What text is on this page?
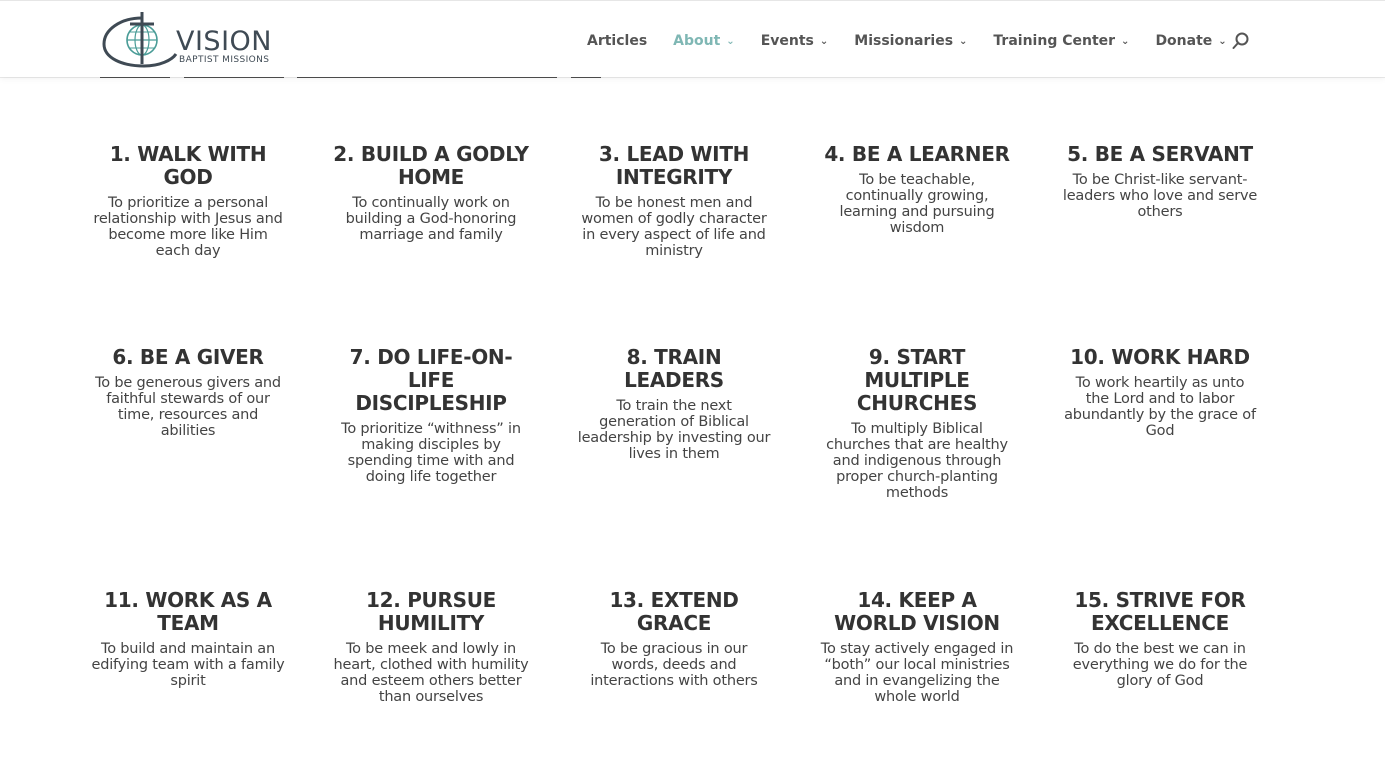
VISION
BAPTIST MISSIONS
Articles About ⌄ Events ⌄ Missionaries ⌄ Training Center ⌄ Donate ⌄
1. WALK WITH GOD

To prioritize a personal relationship with Jesus and become more like Him each day

2. BUILD A GODLY HOME

To continually work on building a God-honoring marriage and family

3. LEAD WITH INTEGRITY

To be honest men and women of godly character in every aspect of life and ministry

4. BE A LEARNER

To be teachable, continually growing, learning and pursuing wisdom

5. BE A SERVANT

To be Christ-like servant-leaders who love and serve others

6. BE A GIVER

To be generous givers and faithful stewards of our time, resources and abilities

7. DO LIFE-ON-LIFE DISCIPLESHIP

To prioritize “withness” in making disciples by spending time with and doing life together

8. TRAIN LEADERS

To train the next generation of Biblical leadership by investing our lives in them

9. START MULTIPLE CHURCHES

To multiply Biblical churches that are healthy and indigenous through proper church-planting methods

10. WORK HARD

To work heartily as unto the Lord and to labor abundantly by the grace of God

11. WORK AS A TEAM

To build and maintain an edifying team with a family spirit

12. PURSUE HUMILITY

To be meek and lowly in heart, clothed with humility and esteem others better than ourselves

13. EXTEND GRACE

To be gracious in our words, deeds and interactions with others

14. KEEP A WORLD VISION

To stay actively engaged in “both” our local ministries and in evangelizing the whole world

15. STRIVE FOR EXCELLENCE

To do the best we can in everything we do for the glory of God
